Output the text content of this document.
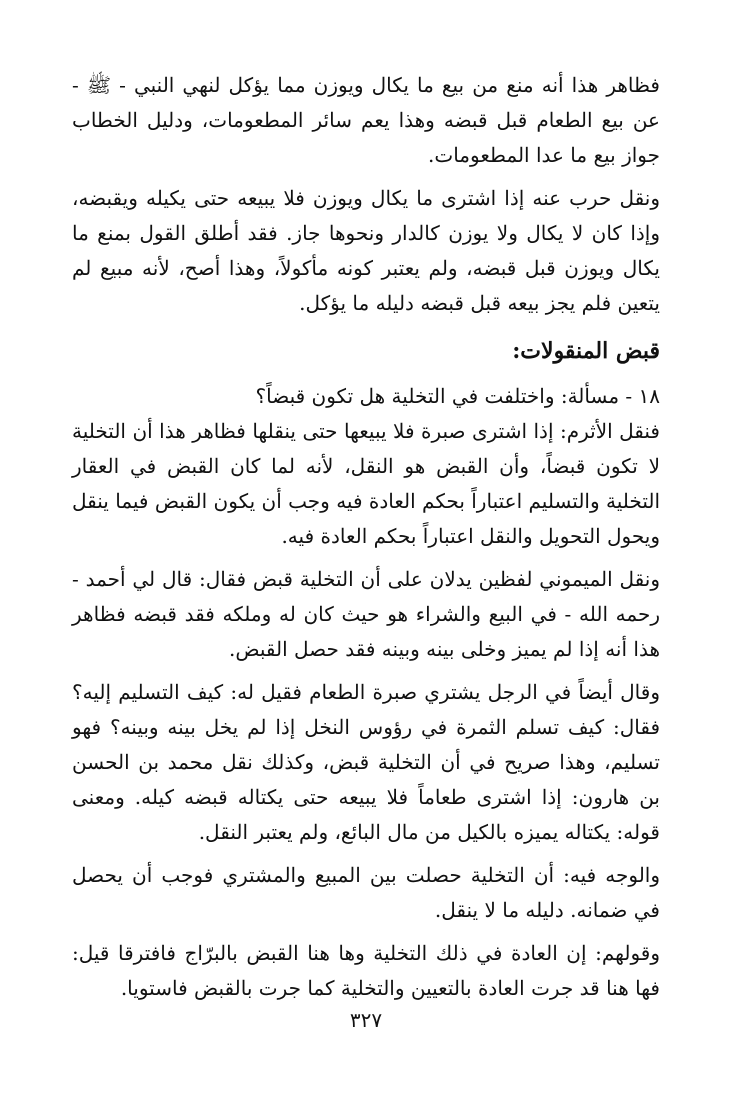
فظاهر هذا أنه منع من بيع ما يكال ويوزن مما يؤكل لنهي النبي - ﷺ - عن بيع الطعام قبل قبضه وهذا يعم سائر المطعومات، ودليل الخطاب جواز بيع ما عدا المطعومات.

ونقل حرب عنه إذا اشترى ما يكال ويوزن فلا يبيعه حتى يكيله ويقبضه، وإذا كان لا يكال ولا يوزن كالدار ونحوها جاز. فقد أطلق القول بمنع ما يكال ويوزن قبل قبضه، ولم يعتبر كونه مأكولاً، وهذا أصح، لأنه مبيع لم يتعين فلم يجز بيعه قبل قبضه دليله ما يؤكل.

قبض المنقولات:

١٨ - مسألة: واختلفت في التخلية هل تكون قبضاً؟

فنقل الأثرم: إذا اشترى صبرة فلا يبيعها حتى ينقلها فظاهر هذا أن التخلية لا تكون قبضاً، وأن القبض هو النقل، لأنه لما كان القبض في العقار التخلية والتسليم اعتباراً بحكم العادة فيه وجب أن يكون القبض فيما ينقل ويحول التحويل والنقل اعتباراً بحكم العادة فيه.

ونقل الميموني لفظين يدلان على أن التخلية قبض فقال: قال لي أحمد - رحمه الله - في البيع والشراء هو حيث كان له وملكه فقد قبضه فظاهر هذا أنه إذا لم يميز وخلى بينه وبينه فقد حصل القبض.

وقال أيضاً في الرجل يشتري صبرة الطعام فقيل له: كيف التسليم إليه؟ فقال: كيف تسلم الثمرة في رؤوس النخل إذا لم يخل بينه وبينه؟ فهو تسليم، وهذا صريح في أن التخلية قبض، وكذلك نقل محمد بن الحسن بن هارون: إذا اشترى طعاماً فلا يبيعه حتى يكتاله قبضه كيله. ومعنى قوله: يكتاله يميزه بالكيل من مال البائع، ولم يعتبر النقل.

والوجه فيه: أن التخلية حصلت بين المبيع والمشتري فوجب أن يحصل في ضمانه. دليله ما لا ينقل.

وقولهم: إن العادة في ذلك التخلية وها هنا القبض بالبرّاج فافترقا قيل: فها هنا قد جرت العادة بالتعيين والتخلية كما جرت بالقبض فاستويا.

٣٢٧
